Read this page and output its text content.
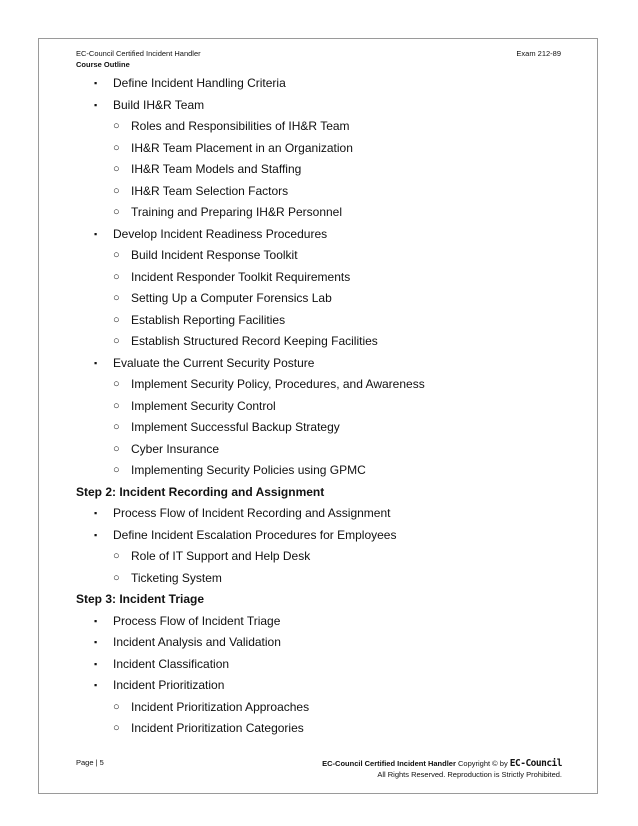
EC-Council Certified Incident Handler
Course Outline
Exam 212-89
▪ Define Incident Handling Criteria
▪ Build IH&R Team
○ Roles and Responsibilities of IH&R Team
○ IH&R Team Placement in an Organization
○ IH&R Team Models and Staffing
○ IH&R Team Selection Factors
○ Training and Preparing IH&R Personnel
▪ Develop Incident Readiness Procedures
○ Build Incident Response Toolkit
○ Incident Responder Toolkit Requirements
○ Setting Up a Computer Forensics Lab
○ Establish Reporting Facilities
○ Establish Structured Record Keeping Facilities
▪ Evaluate the Current Security Posture
○ Implement Security Policy, Procedures, and Awareness
○ Implement Security Control
○ Implement Successful Backup Strategy
○ Cyber Insurance
○ Implementing Security Policies using GPMC
Step 2: Incident Recording and Assignment
▪ Process Flow of Incident Recording and Assignment
▪ Define Incident Escalation Procedures for Employees
○ Role of IT Support and Help Desk
○ Ticketing System
Step 3: Incident Triage
▪ Process Flow of Incident Triage
▪ Incident Analysis and Validation
▪ Incident Classification
▪ Incident Prioritization
○ Incident Prioritization Approaches
○ Incident Prioritization Categories
Page | 5	EC-Council Certified Incident Handler Copyright © by EC-Council
All Rights Reserved. Reproduction is Strictly Prohibited.
